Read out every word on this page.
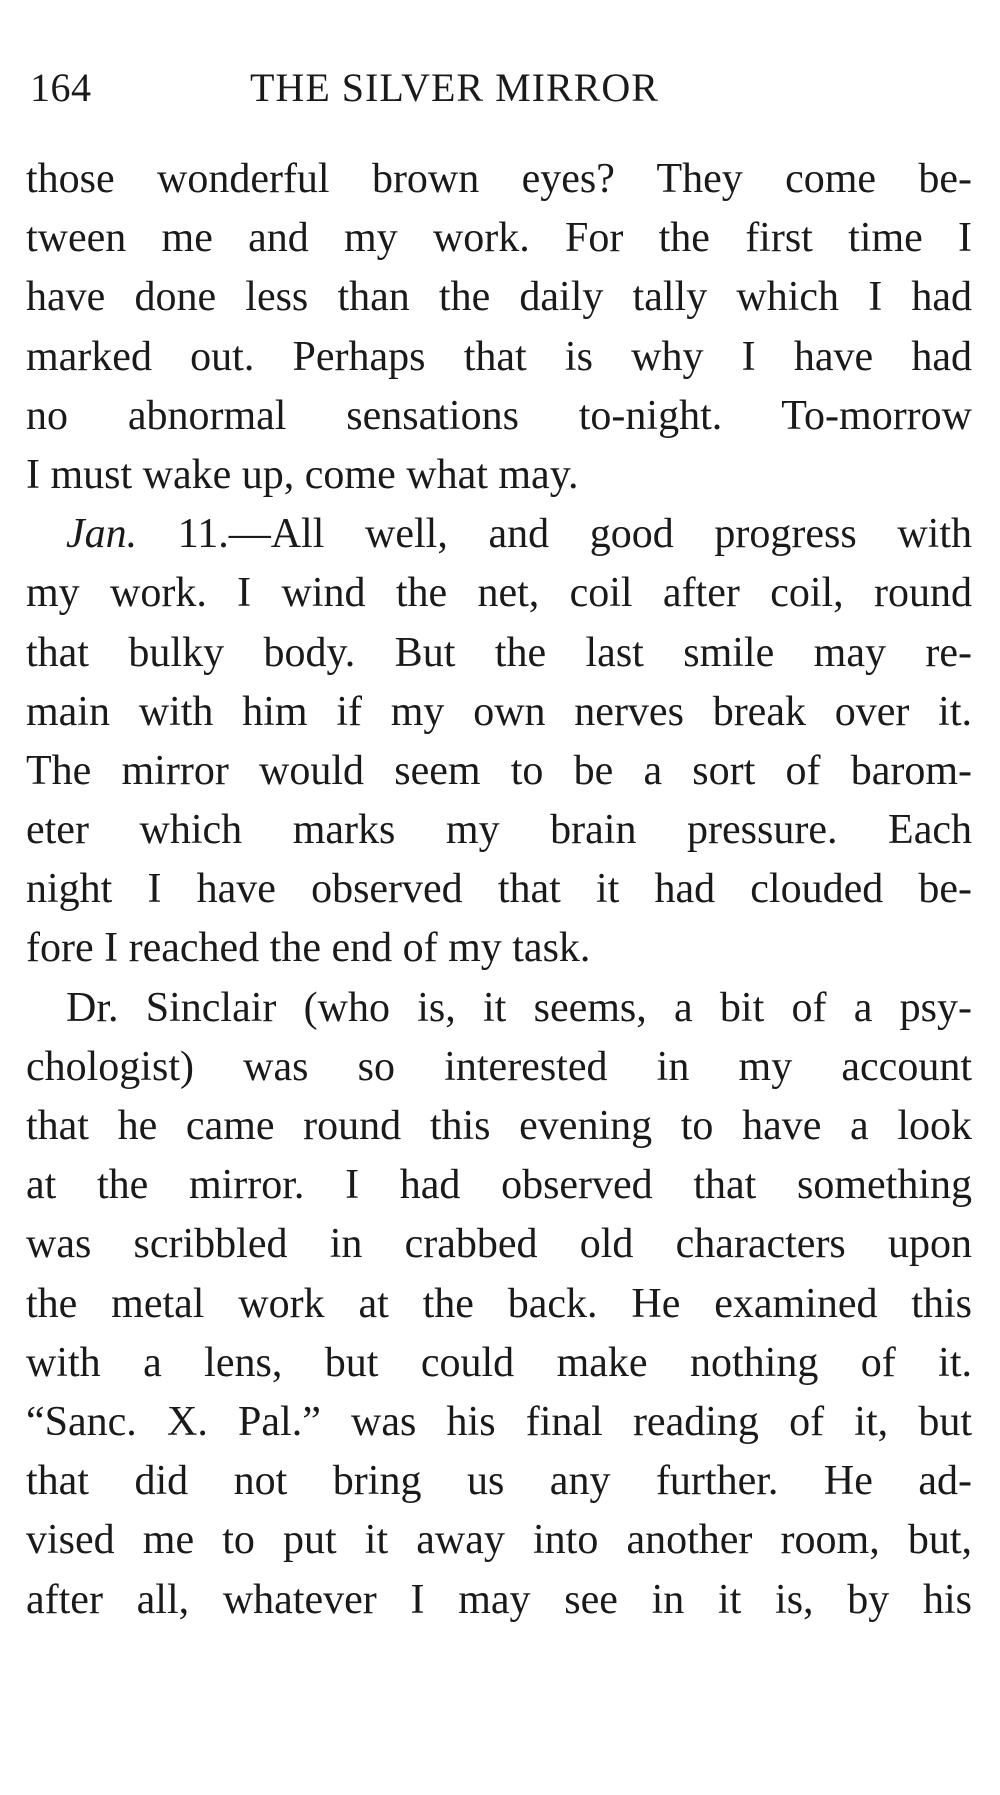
164	THE SILVER MIRROR
those wonderful brown eyes? They come be-
tween me and my work. For the first time I
have done less than the daily tally which I had
marked out. Perhaps that is why I have had
no abnormal sensations to-night. To-morrow
I must wake up, come what may.
Jan. 11.—All well, and good progress with
my work. I wind the net, coil after coil, round
that bulky body. But the last smile may re-
main with him if my own nerves break over it.
The mirror would seem to be a sort of barom-
eter which marks my brain pressure. Each
night I have observed that it had clouded be-
fore I reached the end of my task.
Dr. Sinclair (who is, it seems, a bit of a psy-
chologist) was so interested in my account
that he came round this evening to have a look
at the mirror. I had observed that something
was scribbled in crabbed old characters upon
the metal work at the back. He examined this
with a lens, but could make nothing of it.
“Sanc. X. Pal.” was his final reading of it, but
that did not bring us any further. He ad-
vised me to put it away into another room, but,
after all, whatever I may see in it is, by his
